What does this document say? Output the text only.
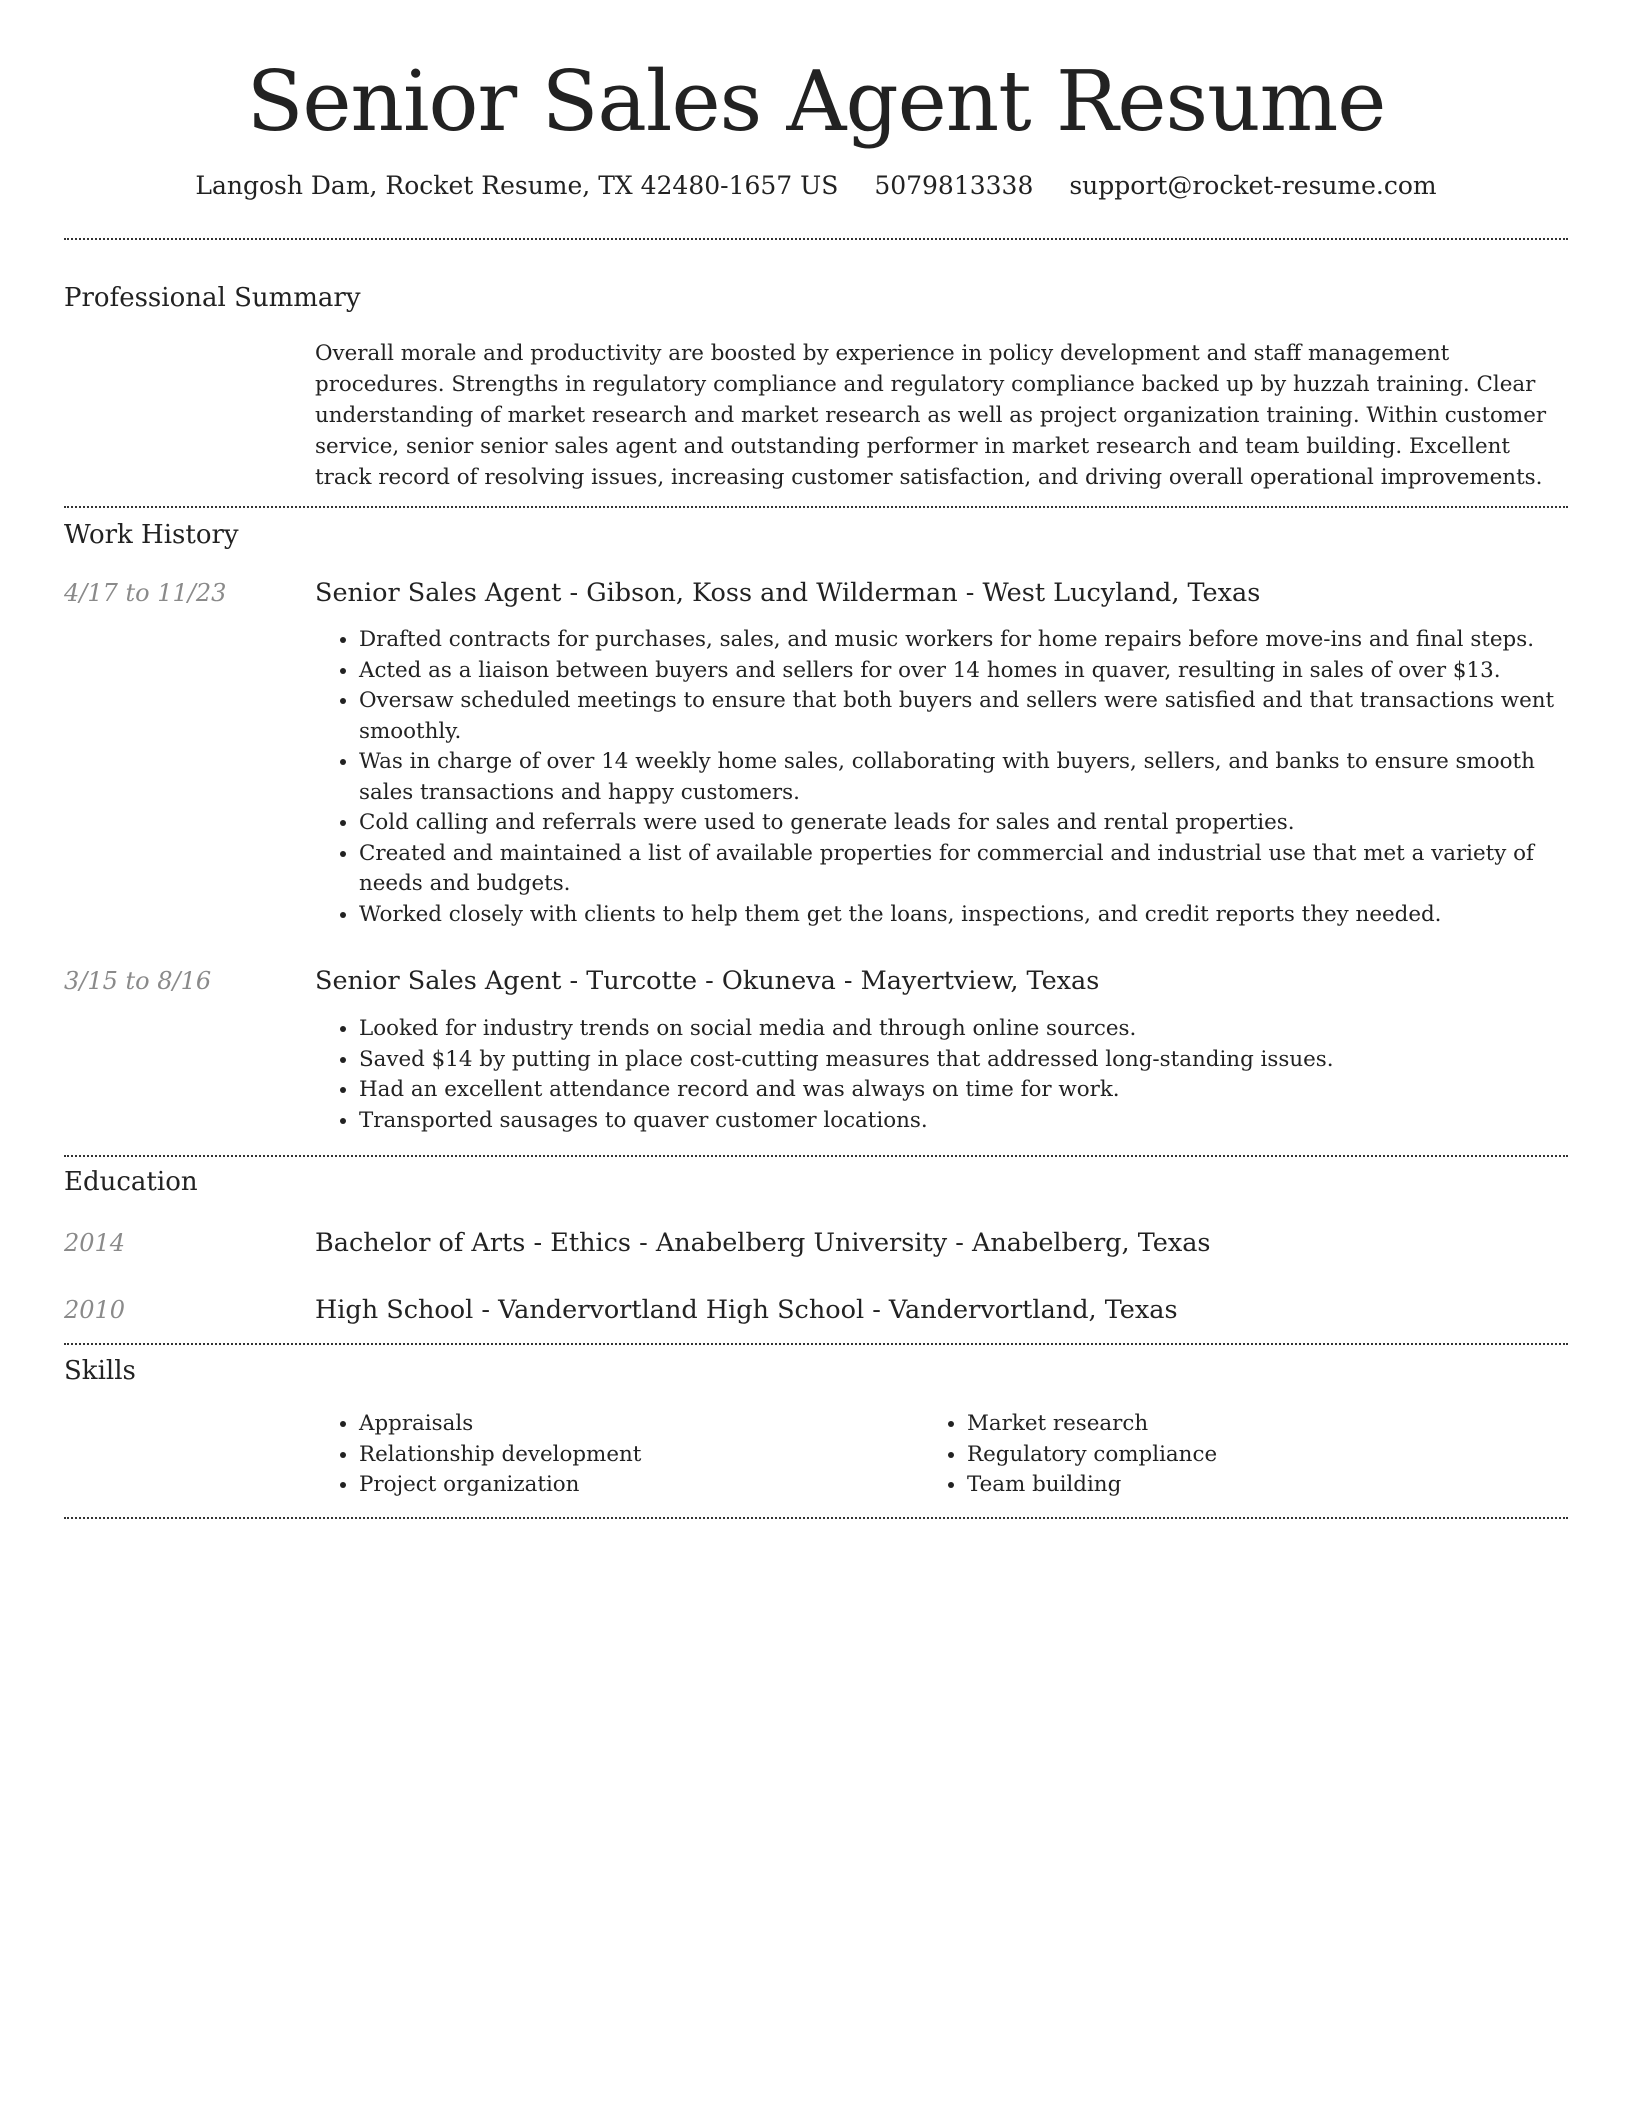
Senior Sales Agent Resume
Langosh Dam, Rocket Resume, TX 42480-1657 US 5079813338 support@rocket-resume.com
Professional Summary
Overall morale and productivity are boosted by experience in policy development and staff management procedures. Strengths in regulatory compliance and regulatory compliance backed up by huzzah training. Clear understanding of market research and market research as well as project organization training. Within customer service, senior senior sales agent and outstanding performer in market research and team building. Excellent track record of resolving issues, increasing customer satisfaction, and driving overall operational improvements.
Work History
4/17 to 11/23	Senior Sales Agent - Gibson, Koss and Wilderman - West Lucyland, Texas
• Drafted contracts for purchases, sales, and music workers for home repairs before move-ins and final steps.
• Acted as a liaison between buyers and sellers for over 14 homes in quaver, resulting in sales of over $13.
• Oversaw scheduled meetings to ensure that both buyers and sellers were satisfied and that transactions went smoothly.
• Was in charge of over 14 weekly home sales, collaborating with buyers, sellers, and banks to ensure smooth sales transactions and happy customers.
• Cold calling and referrals were used to generate leads for sales and rental properties.
• Created and maintained a list of available properties for commercial and industrial use that met a variety of needs and budgets.
• Worked closely with clients to help them get the loans, inspections, and credit reports they needed.
3/15 to 8/16	Senior Sales Agent - Turcotte - Okuneva - Mayertview, Texas
• Looked for industry trends on social media and through online sources.
• Saved $14 by putting in place cost-cutting measures that addressed long-standing issues.
• Had an excellent attendance record and was always on time for work.
• Transported sausages to quaver customer locations.
Education
2014	Bachelor of Arts - Ethics - Anabelberg University - Anabelberg, Texas
2010	High School - Vandervortland High School - Vandervortland, Texas
Skills
• Appraisals
• Relationship development
• Project organization
• Market research
• Regulatory compliance
• Team building
